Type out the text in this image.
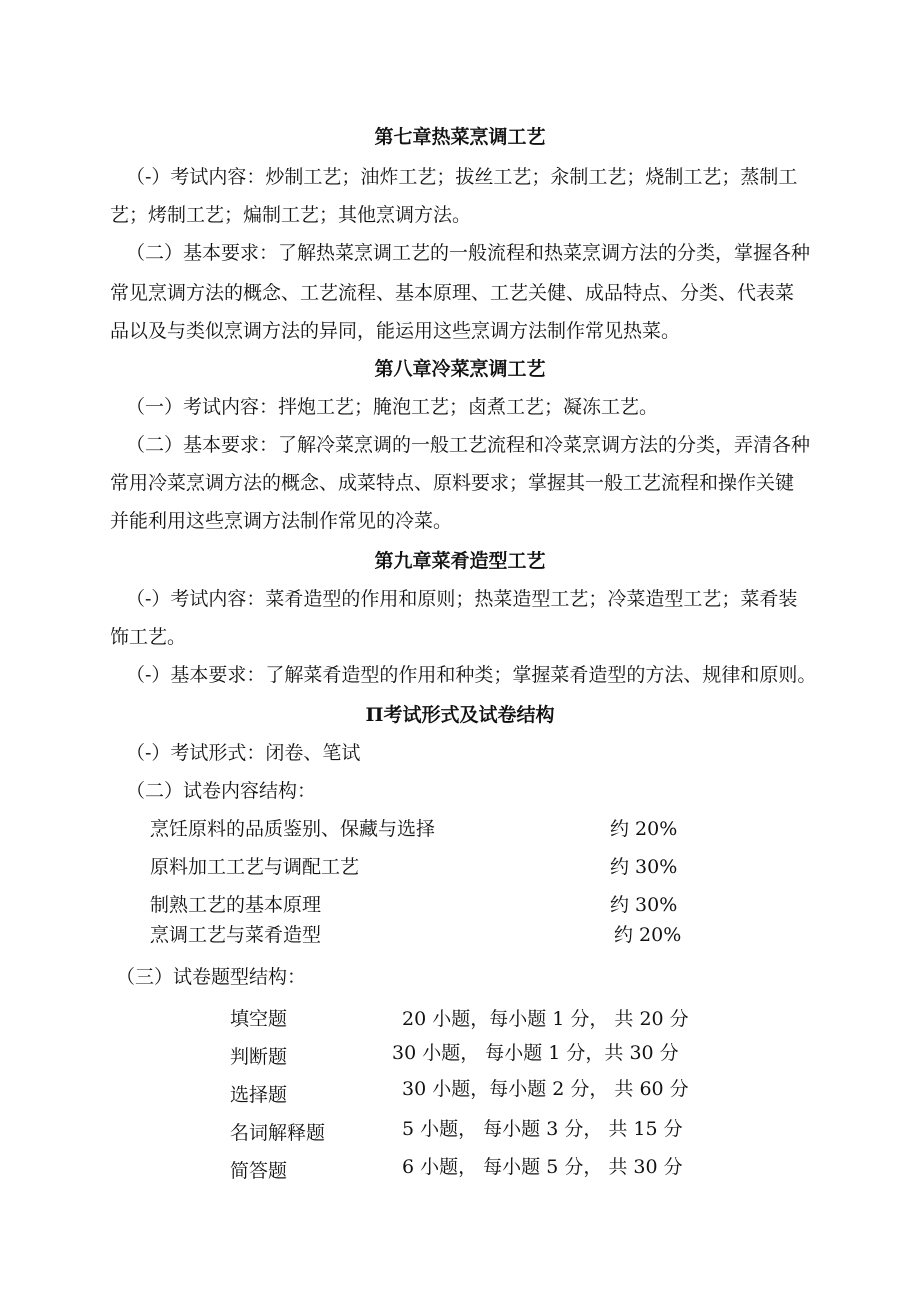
第七章热菜烹调工艺
（-）考试内容：炒制工艺；油炸工艺；拔丝工艺；汆制工艺；烧制工艺；蒸制工
艺；烤制工艺；煸制工艺；其他烹调方法。
（二）基本要求：了解热菜烹调工艺的一般流程和热菜烹调方法的分类，掌握各种
常见烹调方法的概念、工艺流程、基本原理、工艺关健、成品特点、分类、代表菜
品以及与类似烹调方法的异同，能运用这些烹调方法制作常见热菜。
第八章冷菜烹调工艺
（一）考试内容：拌炮工艺；腌泡工艺；卤煮工艺；凝冻工艺。
（二）基本要求：了解冷菜烹调的一般工艺流程和冷菜烹调方法的分类，弄清各种
常用冷菜烹调方法的概念、成菜特点、原料要求；掌握其一般工艺流程和操作关键
并能利用这些烹调方法制作常见的冷菜。
第九章菜肴造型工艺
（-）考试内容：菜肴造型的作用和原则；热菜造型工艺；冷菜造型工艺；菜肴装
饰工艺。
（-）基本要求：了解菜肴造型的作用和种类；掌握菜肴造型的方法、规律和原则。
Π考试形式及试卷结构
（-）考试形式：闭卷、笔试
（二）试卷内容结构：
烹饪原料的品质鉴别、保藏与选择	约 20%
原料加工工艺与调配工艺	约 30%
制熟工艺的基本原理	约 30%
烹调工艺与菜肴造型	约 20%
（三）试卷题型结构：
填空题	20 小题，每小题 1 分， 共 20 分
判断题	30 小题， 每小题 1 分，共 30 分
选择题	30 小题，每小题 2 分， 共 60 分
名词解释题	5 小题， 每小题 3 分， 共 15 分
简答题	6 小题， 每小题 5 分， 共 30 分
